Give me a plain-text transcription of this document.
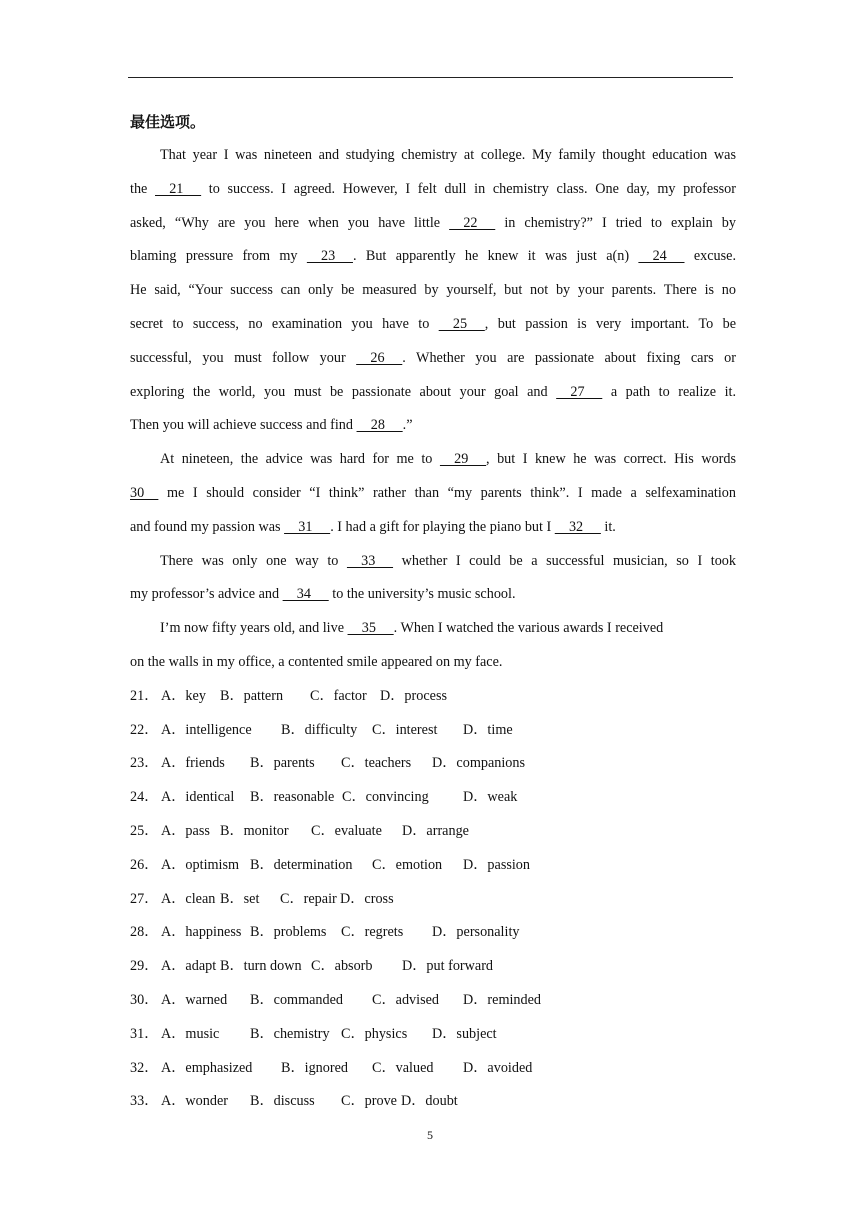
最佳选项。
That year I was nineteen and studying chemistry at college. My family thought education was
the     21      to success. I agreed. However, I felt dull in chemistry class. One day, my professor
asked, “Why are you here when you have little     22      in chemistry?” I tried to explain by
blaming pressure from my     23     . But apparently he knew it was just a(n)     24      excuse.
He said, “Your success can only be measured by yourself, but not by your parents. There is no
secret to success, no examination you have to     25     , but passion is very important. To be
successful, you must follow your     26     . Whether you are passionate about fixing cars or
exploring the world, you must be passionate about your goal and     27      a path to realize it.
Then you will achieve success and find     28     .”
At nineteen, the advice was hard for me to     29     , but I knew he was correct. His words
30     me I should consider “I think” rather than “my parents think”. I made a selfexamination
and found my passion was     31     . I had a gift for playing the piano but I     32      it.
There was only one way to     33      whether I could be a successful musician, so I took
my professor’s advice and     34      to the university’s music school.
I’m now fifty years old, and live     35     . When I watched the various awards I received
on the walls in my office, a contented smile appeared on my face.
21． A．key B．pattern C．factor D．process
22． A．intelligence B．difficulty C．interest D．time
23． A．friends B．parents C．teachers D．companions
24． A．identical B．reasonable C．convincing D．weak
25． A．pass B．monitor C．evaluate D．arrange
26． A．optimism B．determination C．emotion D．passion
27． A．clean B．set C．repair D．cross
28． A．happiness B．problems C．regrets D．personality
29． A．adapt B．turn down C．absorb D．put forward
30． A．warned B．commanded C．advised D．reminded
31． A．music B．chemistry C．physics D．subject
32． A．emphasized B．ignored C．valued D．avoided
33． A．wonder B．discuss C．prove D．doubt
5
